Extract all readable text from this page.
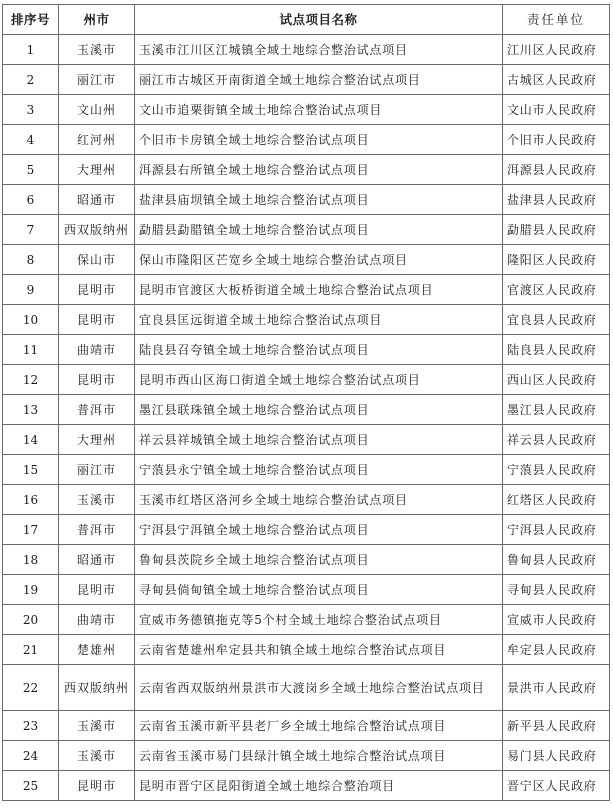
排序号	州市	试点项目名称	责任单位
1	玉溪市	玉溪市江川区江城镇全域土地综合整治试点项目	江川区人民政府
2	丽江市	丽江市古城区开南街道全域土地综合整治试点项目	古城区人民政府
3	文山州	文山市追栗街镇全域土地综合整治试点项目	文山市人民政府
4	红河州	个旧市卡房镇全域土地综合整治试点项目	个旧市人民政府
5	大理州	洱源县右所镇全域土地综合整治试点项目	洱源县人民政府
6	昭通市	盐津县庙坝镇全域土地综合整治试点项目	盐津县人民政府
7	西双版纳州	勐腊县勐腊镇全域土地综合整治试点项目	勐腊县人民政府
8	保山市	保山市隆阳区芒宽乡全域土地综合整治试点项目	隆阳区人民政府
9	昆明市	昆明市官渡区大板桥街道全域土地综合整治试点项目	官渡区人民政府
10	昆明市	宜良县匡远街道全域土地综合整治试点项目	宜良县人民政府
11	曲靖市	陆良县召夸镇全域土地综合整治试点项目	陆良县人民政府
12	昆明市	昆明市西山区海口街道全域土地综合整治试点项目	西山区人民政府
13	普洱市	墨江县联珠镇全域土地综合整治试点项目	墨江县人民政府
14	大理州	祥云县祥城镇全域土地综合整治试点项目	祥云县人民政府
15	丽江市	宁蒗县永宁镇全域土地综合整治试点项目	宁蒗县人民政府
16	玉溪市	玉溪市红塔区洛河乡全域土地综合整治试点项目	红塔区人民政府
17	普洱市	宁洱县宁洱镇全域土地综合整治试点项目	宁洱县人民政府
18	昭通市	鲁甸县茨院乡全域土地综合整治试点项目	鲁甸县人民政府
19	昆明市	寻甸县倘甸镇全域土地综合整治试点项目	寻甸县人民政府
20	曲靖市	宣威市务德镇拖克等5个村全域土地综合整治试点项目	宣威市人民政府
21	楚雄州	云南省楚雄州牟定县共和镇全域土地综合整治试点项目	牟定县人民政府
22	西双版纳州	云南省西双版纳州景洪市大渡岗乡全域土地综合整治试点项目	景洪市人民政府
23	玉溪市	云南省玉溪市新平县老厂乡全域土地综合整治试点项目	新平县人民政府
24	玉溪市	云南省玉溪市易门县绿汁镇全域土地综合整治试点项目	易门县人民政府
25	昆明市	昆明市晋宁区昆阳街道全域土地综合整治项目	晋宁区人民政府
